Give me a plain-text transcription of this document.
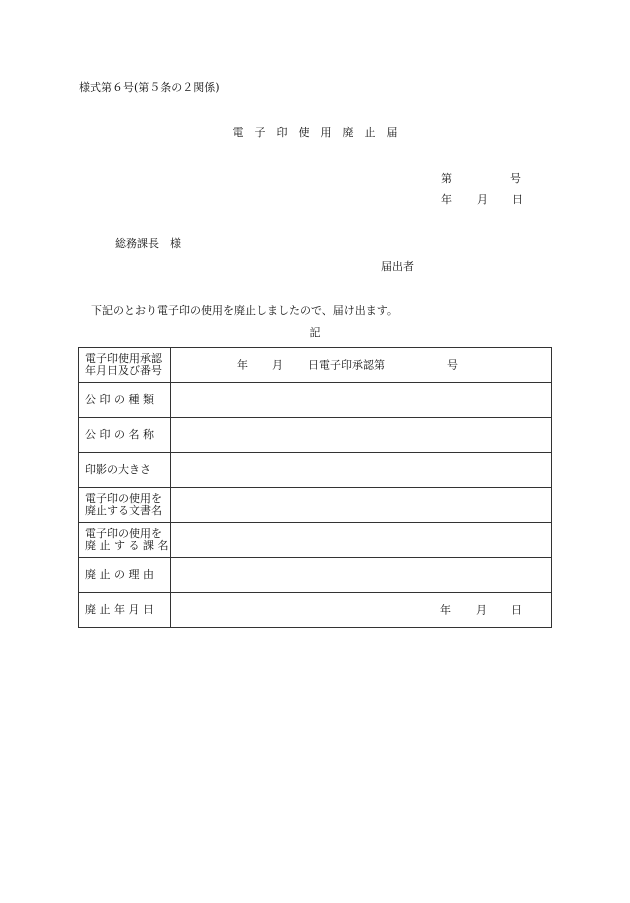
様式第６号(第５条の２関係)
電　子　印　使　用　廃　止　届
第	号
年 月 日
総務課長　様
届出者
下記のとおり電子印の使用を廃止しましたので、届け出ます。
記
電子印使用承認
年月日及び番号	年 月 日電子印承認第 号

公 印 の 種 類	
公 印 の 名 称	
印影の大きさ	
電子印の使用を
廃止する文書名	
電子印の使用を
廃 止 す る 課 名	
廃 止 の 理 由	
廃 止 年 月 日	年 月 日
